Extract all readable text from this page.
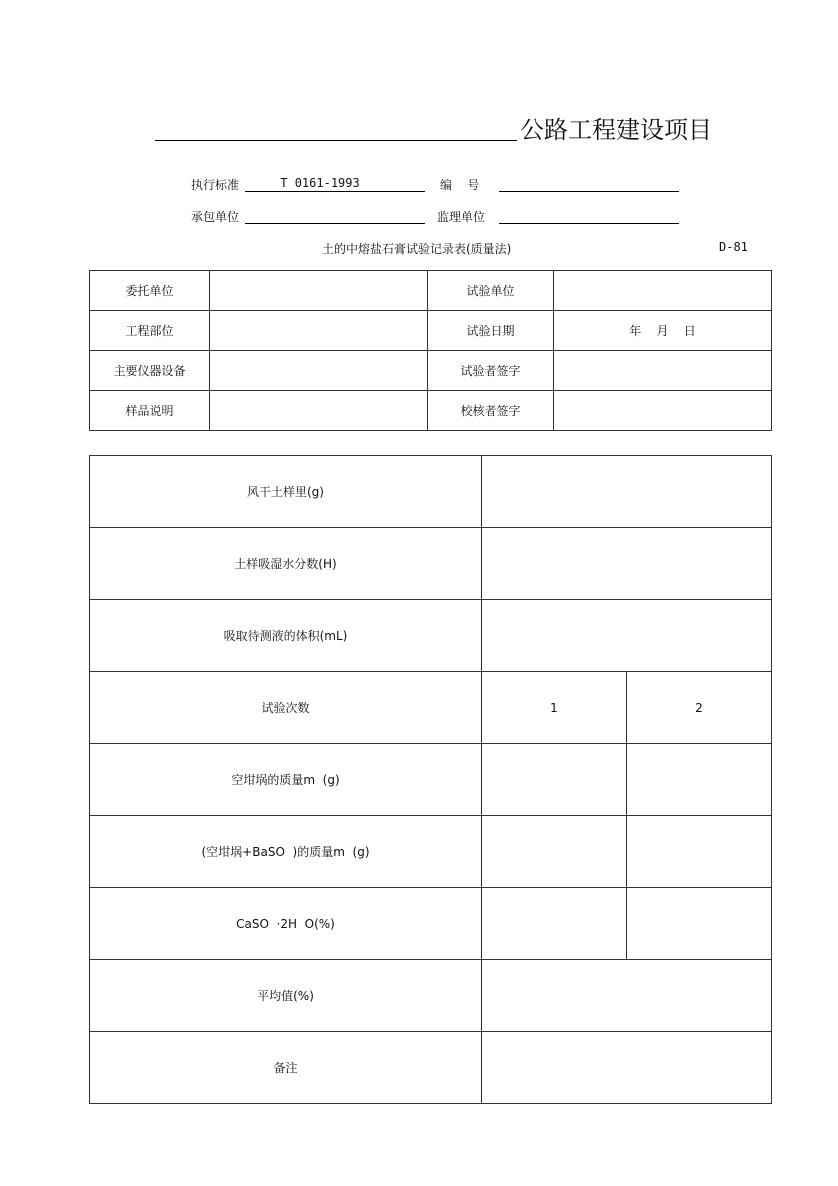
公路工程建设项目
执行标准	T 0161-1993	编    号
承包单位	监理单位
土的中熔盐石膏试验记录表(质量法)	D-81
委托单位		试验单位	
工程部位		试验日期	年    月    日
主要仪器设备		试验者签字	
样品说明		校核者签字	
风干土样里(g)		
土样吸湿水分数(H)		
吸取待测液的体积(mL)		
试验次数	1	2
空坩埚的质量m  (g)		
(空坩埚+BaSO  )的质量m  (g)		
CaSO  ·2H  O(%)		
平均值(%)		
备注		
